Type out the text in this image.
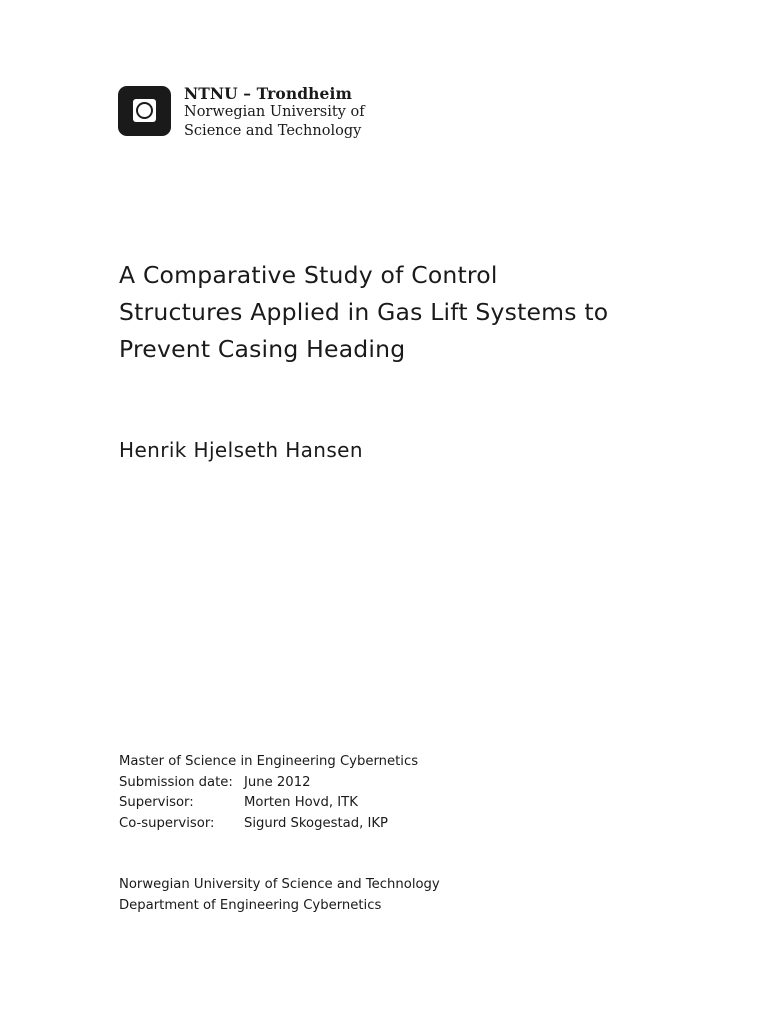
NTNU – Trondheim
Norwegian University of
Science and Technology
A Comparative Study of Control
Structures Applied in Gas Lift Systems to
Prevent Casing Heading
Henrik Hjelseth Hansen
Master of Science in Engineering Cybernetics
Submission date: June 2012
Supervisor:	Morten Hovd, ITK
Co-supervisor:	Sigurd Skogestad, IKP
Norwegian University of Science and Technology
Department of Engineering Cybernetics
